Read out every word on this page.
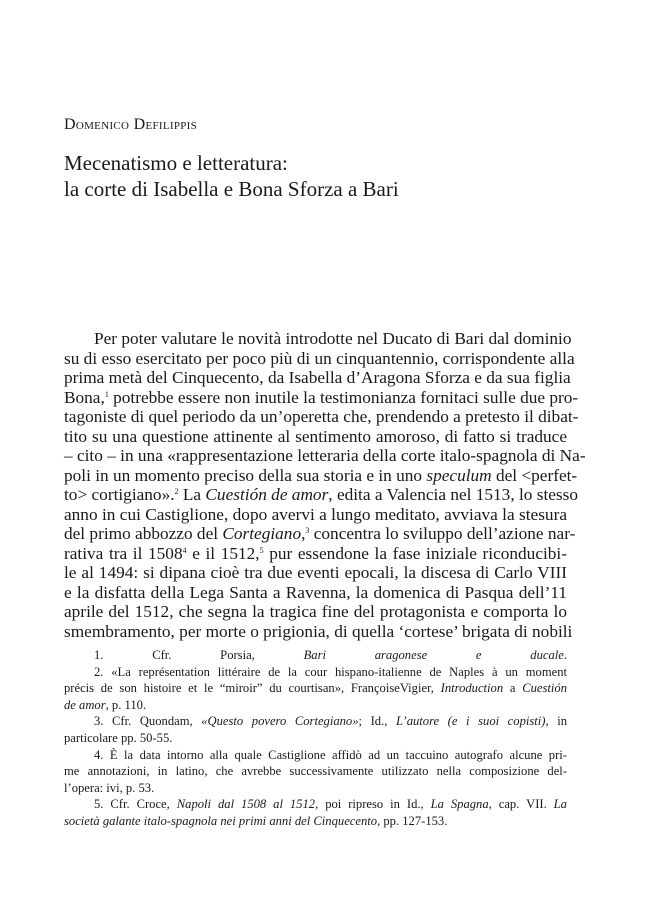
Domenico Defilippis
Mecenatismo e letteratura:
la corte di Isabella e Bona Sforza a Bari
Per poter valutare le novità introdotte nel Ducato di Bari dal dominio
su di esso esercitato per poco più di un cinquantennio, corrispondente alla
prima metà del Cinquecento, da Isabella d’Aragona Sforza e da sua figlia
Bona,$^1$ potrebbe essere non inutile la testimonianza fornitaci sulle due pro-
tagoniste di quel periodo da un’operetta che, prendendo a pretesto il dibat-
tito su una questione attinente al sentimento amoroso, di fatto si traduce
– cito – in una «rappresentazione letteraria della corte italo-spagnola di Na-
poli in un momento preciso della sua storia e in uno speculum del <perfet-
to> cortigiano».$^2$ La Cuestión de amor, edita a Valencia nel 1513, lo stesso
anno in cui Castiglione, dopo avervi a lungo meditato, avviava la stesura
del primo abbozzo del Cortegiano,$^3$ concentra lo sviluppo dell’azione nar-
rativa tra il 1508$^4$ e il 1512,$^5$ pur essendone la fase iniziale riconducibi-
le al 1494: si dipana cioè tra due eventi epocali, la discesa di Carlo VIII
e la disfatta della Lega Santa a Ravenna, la domenica di Pasqua dell’11
aprile del 1512, che segna la tragica fine del protagonista e comporta lo
smembramento, per morte o prigionia, di quella ‘cortese’ brigata di nobili
1. Cfr. Porsia, Bari aragonese e ducale.
2. «La représentation littéraire de la cour hispano-italienne de Naples à un moment
précis de son histoire et le “miroir” du courtisan», FrançoiseVigier, Introduction a Cuestión
de amor, p. 110.
3. Cfr. Quondam, «Questo povero Cortegiano»; Id., L’autore (e i suoi copisti), in
particolare pp. 50-55.
4. È la data intorno alla quale Castiglione affidò ad un taccuino autografo alcune pri-
me annotazioni, in latino, che avrebbe successivamente utilizzato nella composizione del-
l’opera: ivi, p. 53.
5. Cfr. Croce, Napoli dal 1508 al 1512, poi ripreso in Id., La Spagna, cap. VII. La
società galante italo-spagnola nei primi anni del Cinquecento, pp. 127-153.
